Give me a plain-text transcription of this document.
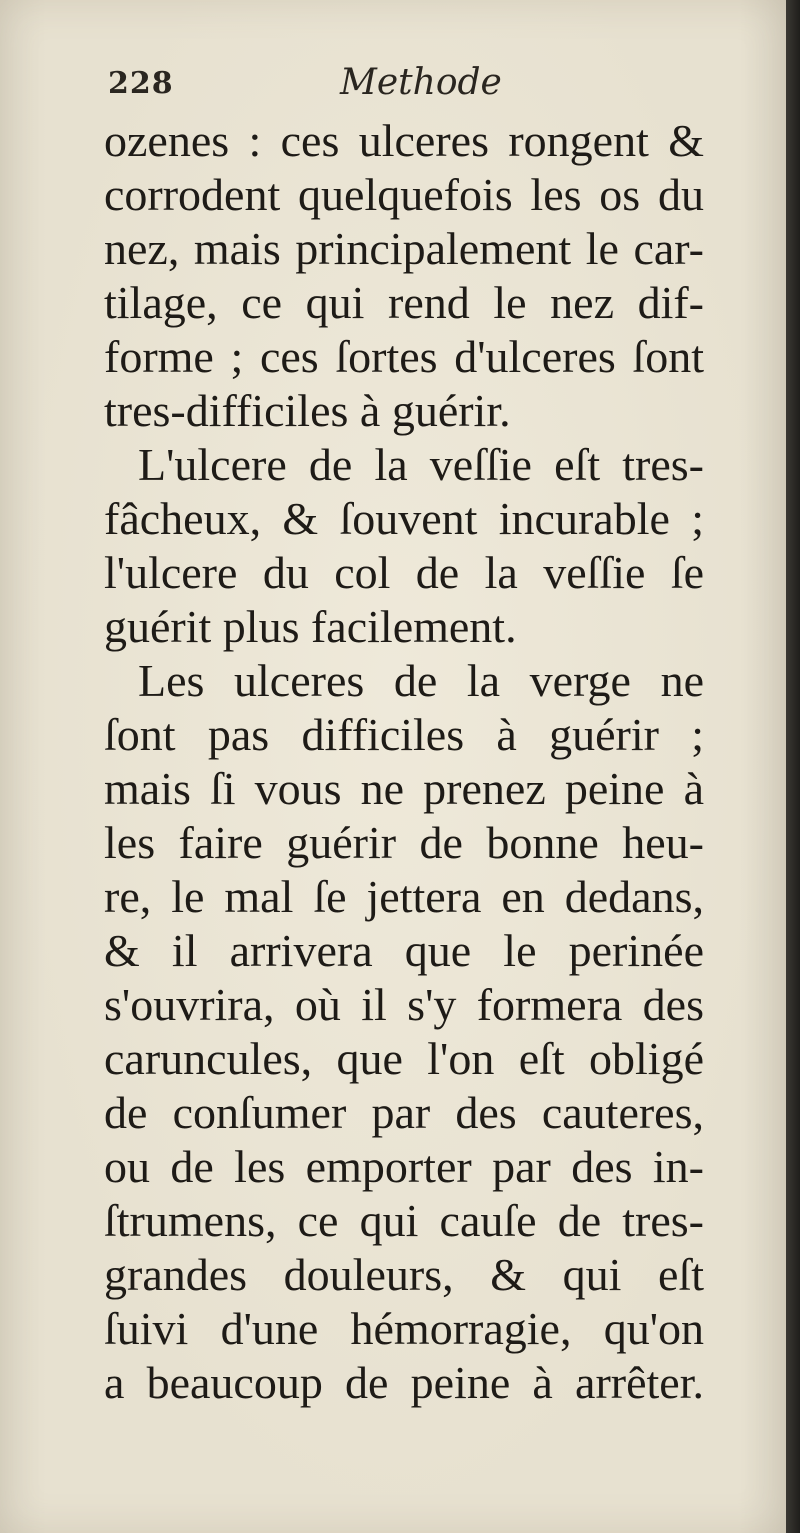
228	Methode
ozenes : ces ulceres rongent &
corrodent quelquefois les os du
nez, mais principalement le car-
tilage, ce qui rend le nez dif-
forme ; ces ſortes d'ulceres ſont
tres-difficiles à guérir.
L'ulcere de la veſſie eſt tres-
fâcheux, & ſouvent incurable ;
l'ulcere du col de la veſſie ſe
guérit plus facilement.
Les ulceres de la verge ne
ſont pas difficiles à guérir ;
mais ſi vous ne prenez peine à
les faire guérir de bonne heu-
re, le mal ſe jettera en dedans,
& il arrivera que le perinée
s'ouvrira, où il s'y formera des
caruncules, que l'on eſt obligé
de conſumer par des cauteres,
ou de les emporter par des in-
ſtrumens, ce qui cauſe de tres-
grandes douleurs, & qui eſt
ſuivi d'une hémorragie, qu'on
a beaucoup de peine à arrêter.
